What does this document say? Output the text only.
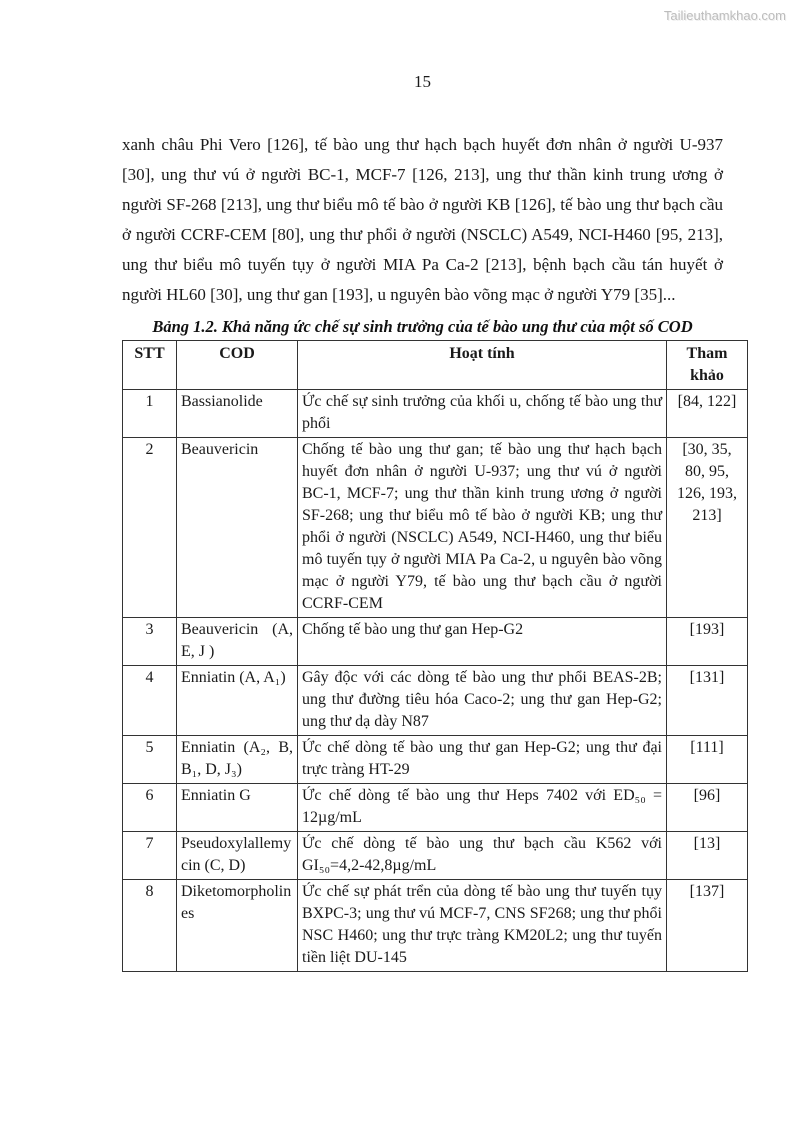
Tailieuthamkhao.com
15

xanh châu Phi Vero [126], tế bào ung thư hạch bạch huyết đơn nhân ở người U-937 [30], ung thư vú ở người BC-1, MCF-7 [126, 213], ung thư thần kinh trung ương ở người SF-268 [213], ung thư biểu mô tế bào ở người KB [126], tế bào ung thư bạch cầu ở người CCRF-CEM [80], ung thư phổi ở người (NSCLC) A549, NCI-H460 [95, 213], ung thư biểu mô tuyến tụy ở người MIA Pa Ca-2 [213], bệnh bạch cầu tán huyết ở người HL60 [30], ung thư gan [193], u nguyên bào võng mạc ở người Y79 [35]...

Bảng 1.2. Khả năng ức chế sự sinh trưởng của tế bào ung thư của một số COD

STT	COD	Hoạt tính	Tham khảo
1	Bassianolide	Ức chế sự sinh trưởng của khối u, chống tế bào ung thư phổi	[84, 122]
2	Beauvericin	Chống tế bào ung thư gan; tế bào ung thư hạch bạch huyết đơn nhân ở người U-937; ung thư vú ở người BC-1, MCF-7; ung thư thần kinh trung ương ở người SF-268; ung thư biểu mô tế bào ở người KB; ung thư phổi ở người (NSCLC) A549, NCI-H460, ung thư biểu mô tuyến tụy ở người MIA Pa Ca-2, u nguyên bào võng mạc ở người Y79, tế bào ung thư bạch cầu ở người CCRF-CEM	[30, 35, 80, 95, 126, 193, 213]
3	Beauvericin (A, E, J )	Chống tế bào ung thư gan Hep-G2	[193]
4	Enniatin (A, A₁)	Gây độc với các dòng tế bào ung thư phổi BEAS-2B; ung thư đường tiêu hóa Caco-2; ung thư gan Hep-G2; ung thư dạ dày N87	[131]
5	Enniatin (A₂, B, B₁, D, J₃)	Ức chế dòng tế bào ung thư gan Hep-G2; ung thư đại trực tràng HT-29	[111]
6	Enniatin G	Ức chế dòng tế bào ung thư Heps 7402 với ED₅₀ = 12µg/mL	[96]
7	Pseudoxylallemycin (C, D)	Ức chế dòng tế bào ung thư bạch cầu K562 với GI₅₀=4,2-42,8µg/mL	[13]
8	Diketomorpholines	Ức chế sự phát trển của dòng tế bào ung thư tuyến tụy BXPC-3; ung thư vú MCF-7, CNS SF268; ung thư phổi NSC H460; ung thư trực tràng KM20L2; ung thư tuyến tiền liệt DU-145	[137]
